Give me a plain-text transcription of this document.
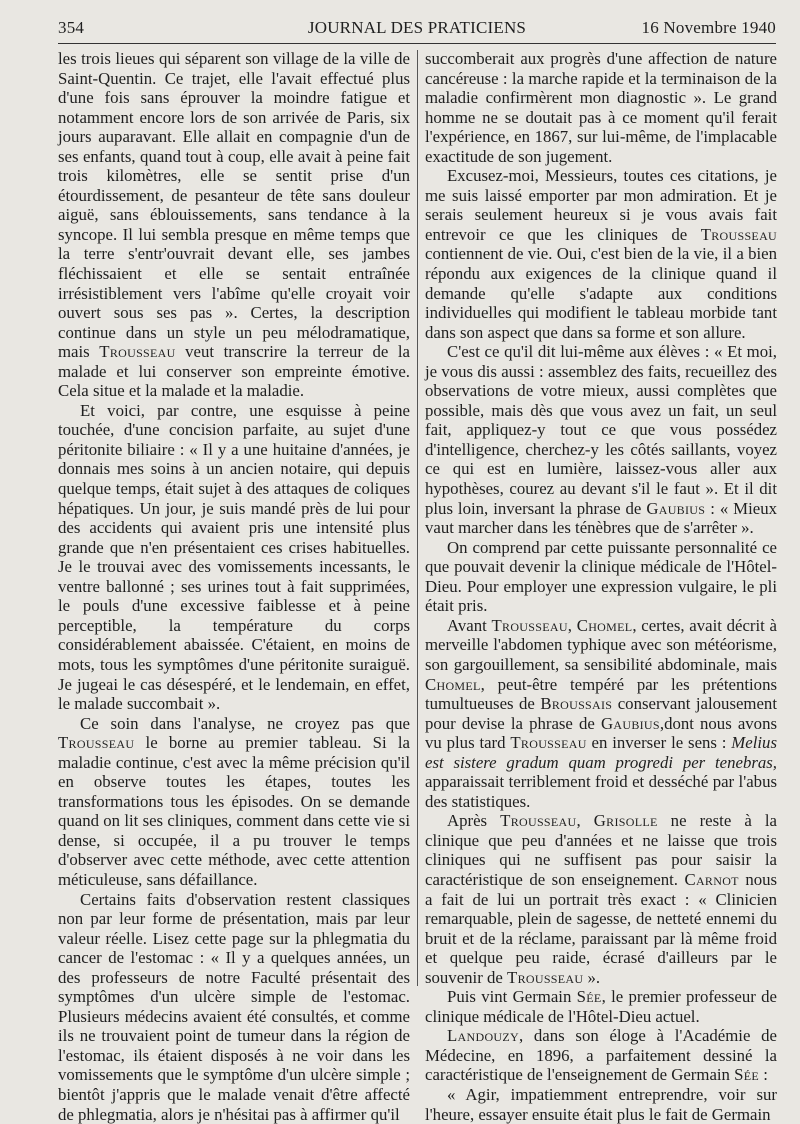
354	JOURNAL DES PRATICIENS	16 Novembre 1940

les trois lieues qui séparent son village de la ville de Saint-Quentin. Ce trajet, elle l'avait effectué plus d'une fois sans éprouver la moindre fatigue et notamment encore lors de son arrivée de Paris, six jours auparavant. Elle allait en compagnie d'un de ses enfants, quand tout à coup, elle avait à peine fait trois kilomètres, elle se sentit prise d'un étourdissement, de pesanteur de tête sans douleur aiguë, sans éblouissements, sans tendance à la syncope. Il lui sembla presque en même temps que la terre s'entr'ouvrait devant elle, ses jambes fléchissaient et elle se sentait entraînée irrésistiblement vers l'abîme qu'elle croyait voir ouvert sous ses pas ». Certes, la description continue dans un style un peu mélodramatique, mais Trousseau veut transcrire la terreur de la malade et lui conserver son empreinte émotive. Cela situe et la malade et la maladie.

Et voici, par contre, une esquisse à peine touchée, d'une concision parfaite, au sujet d'une péritonite biliaire : « Il y a une huitaine d'années, je donnais mes soins à un ancien notaire, qui depuis quelque temps, était sujet à des attaques de coliques hépatiques. Un jour, je suis mandé près de lui pour des accidents qui avaient pris une intensité plus grande que n'en présentaient ces crises habituelles. Je le trouvai avec des vomissements incessants, le ventre ballonné ; ses urines tout à fait supprimées, le pouls d'une excessive faiblesse et à peine perceptible, la température du corps considérablement abaissée. C'étaient, en moins de mots, tous les symptômes d'une péritonite suraiguë. Je jugeai le cas désespéré, et le lendemain, en effet, le malade succombait ».

Ce soin dans l'analyse, ne croyez pas que Trousseau le borne au premier tableau. Si la maladie continue, c'est avec la même précision qu'il en observe toutes les étapes, toutes les transformations tous les épisodes. On se demande quand on lit ses cliniques, comment dans cette vie si dense, si occupée, il a pu trouver le temps d'observer avec cette méthode, avec cette attention méticuleuse, sans défaillance.

Certains faits d'observation restent classiques non par leur forme de présentation, mais par leur valeur réelle. Lisez cette page sur la phlegmatia du cancer de l'estomac : « Il y a quelques années, un des professeurs de notre Faculté présentait des symptômes d'un ulcère simple de l'estomac. Plusieurs médecins avaient été consultés, et comme ils ne trouvaient point de tumeur dans la région de l'estomac, ils étaient disposés à ne voir dans les vomissements que le symptôme d'un ulcère simple ; bientôt j'appris que le malade venait d'être affecté de phlegmatia, alors je n'hésitai pas à affirmer qu'il

succomberait aux progrès d'une affection de nature cancéreuse : la marche rapide et la terminaison de la maladie confirmèrent mon diagnostic ». Le grand homme ne se doutait pas à ce moment qu'il ferait l'expérience, en 1867, sur lui-même, de l'implacable exactitude de son jugement.

Excusez-moi, Messieurs, toutes ces citations, je me suis laissé emporter par mon admiration. Et je serais seulement heureux si je vous avais fait entrevoir ce que les cliniques de Trousseau contiennent de vie. Oui, c'est bien de la vie, il a bien répondu aux exigences de la clinique quand il demande qu'elle s'adapte aux conditions individuelles qui modifient le tableau morbide tant dans son aspect que dans sa forme et son allure.

C'est ce qu'il dit lui-même aux élèves : « Et moi, je vous dis aussi : assemblez des faits, recueillez des observations de votre mieux, aussi complètes que possible, mais dès que vous avez un fait, un seul fait, appliquez-y tout ce que vous possédez d'intelligence, cherchez-y les côtés saillants, voyez ce qui est en lumière, laissez-vous aller aux hypothèses, courez au devant s'il le faut ». Et il dit plus loin, inversant la phrase de Gaubius : « Mieux vaut marcher dans les ténèbres que de s'arrêter ».

On comprend par cette puissante personnalité ce que pouvait devenir la clinique médicale de l'Hôtel-Dieu. Pour employer une expression vulgaire, le pli était pris.

Avant Trousseau, Chomel, certes, avait décrit à merveille l'abdomen typhique avec son météorisme, son gargouillement, sa sensibilité abdominale, mais Chomel, peut-être tempéré par les prétentions tumultueuses de Broussais conservant jalousement pour devise la phrase de Gaubius,dont nous avons vu plus tard Trousseau en inverser le sens : Melius est sistere gradum quam progredi per tenebras, apparaissait terriblement froid et desséché par l'abus des statistiques.

Après Trousseau, Grisolle ne reste à la clinique que peu d'années et ne laisse que trois cliniques qui ne suffisent pas pour saisir la caractéristique de son enseignement. Carnot nous a fait de lui un portrait très exact : « Clinicien remarquable, plein de sagesse, de netteté ennemi du bruit et de la réclame, paraissant par là même froid et quelque peu raide, écrasé d'ailleurs par le souvenir de Trousseau ».

Puis vint Germain Sée, le premier professeur de clinique médicale de l'Hôtel-Dieu actuel.

Landouzy, dans son éloge à l'Académie de Médecine, en 1896, a parfaitement dessiné la caractéristique de l'enseignement de Germain Sée :

« Agir, impatiemment entreprendre, voir sur l'heure, essayer ensuite était plus le fait de Germain
